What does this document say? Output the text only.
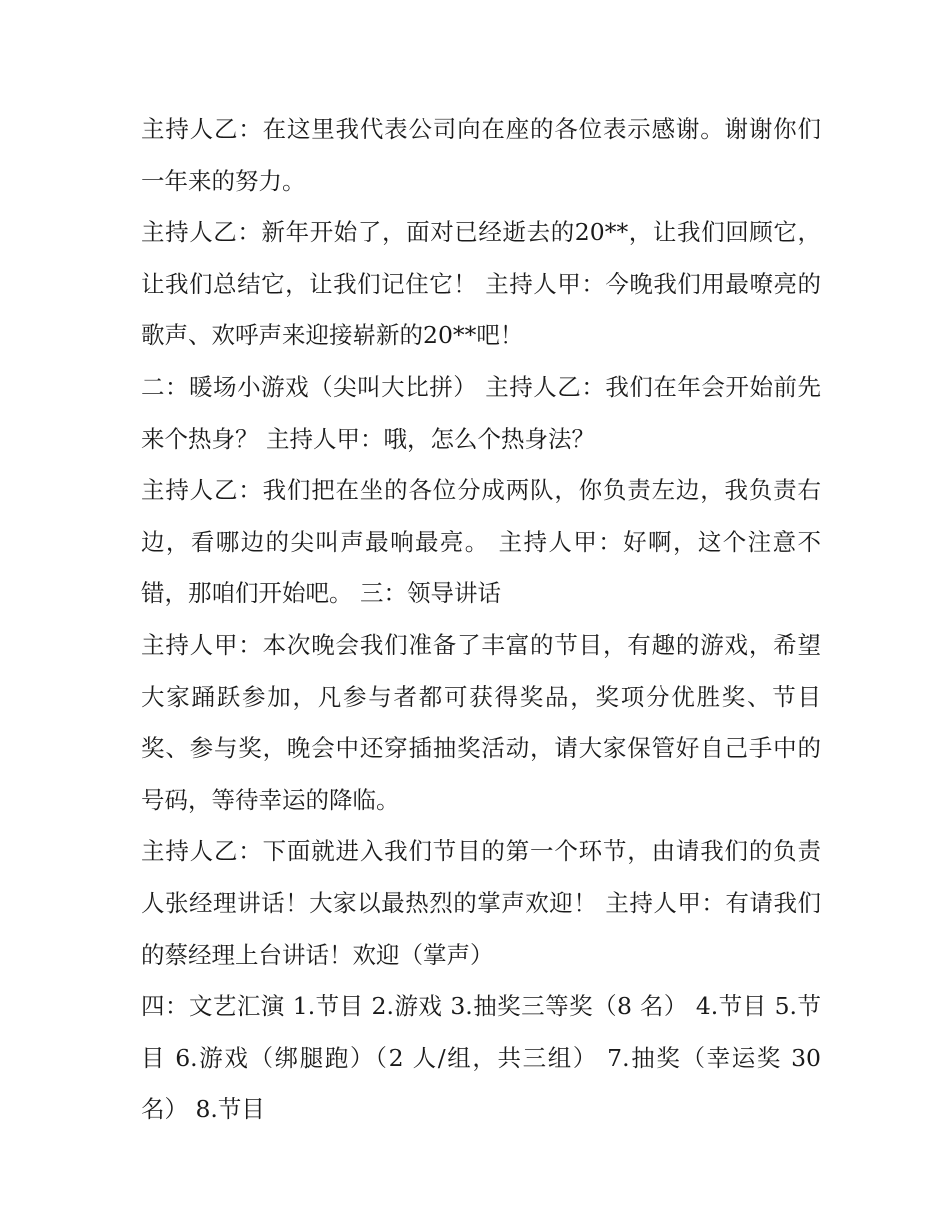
主持人乙：在这里我代表公司向在座的各位表示感谢。谢谢你们一年来的努力。

主持人乙：新年开始了，面对已经逝去的20**，让我们回顾它，让我们总结它，让我们记住它！ 主持人甲：今晚我们用最嘹亮的歌声、欢呼声来迎接崭新的20**吧！

二：暖场小游戏（尖叫大比拼） 主持人乙：我们在年会开始前先来个热身？ 主持人甲：哦，怎么个热身法？

主持人乙：我们把在坐的各位分成两队，你负责左边，我负责右边，看哪边的尖叫声最响最亮。 主持人甲：好啊，这个注意不错，那咱们开始吧。 三：领导讲话

主持人甲：本次晚会我们准备了丰富的节目，有趣的游戏，希望大家踊跃参加，凡参与者都可获得奖品，奖项分优胜奖、节目奖、参与奖，晚会中还穿插抽奖活动，请大家保管好自己手中的号码，等待幸运的降临。

主持人乙：下面就进入我们节目的第一个环节，由请我们的负责人张经理讲话！大家以最热烈的掌声欢迎！ 主持人甲：有请我们的蔡经理上台讲话！欢迎（掌声）

四：文艺汇演 1.节目 2.游戏 3.抽奖三等奖（8 名） 4.节目 5.节目 6.游戏（绑腿跑）（2 人/组，共三组） 7.抽奖（幸运奖 30 名） 8.节目
